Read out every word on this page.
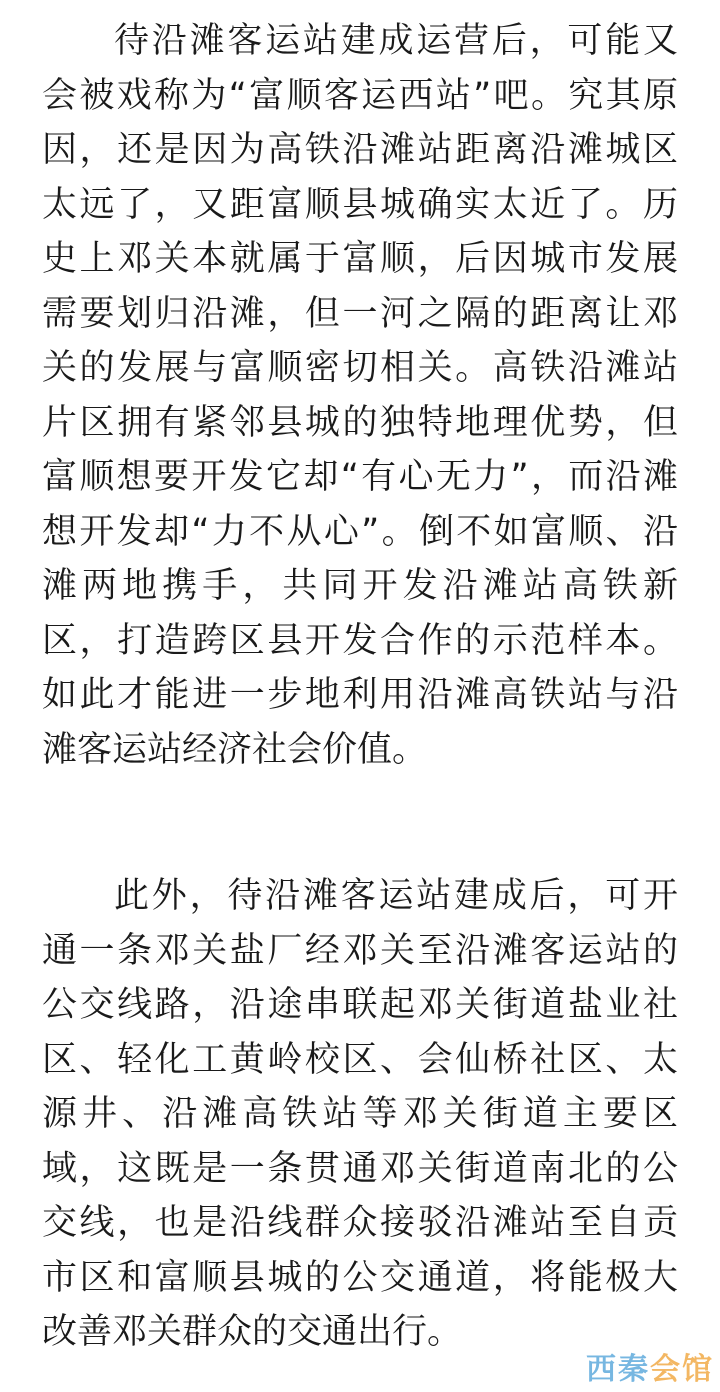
待沿滩客运站建成运营后，可能又
会被戏称为“富顺客运西站”吧。究其原
因，还是因为高铁沿滩站距离沿滩城区
太远了，又距富顺县城确实太近了。历
史上邓关本就属于富顺，后因城市发展
需要划归沿滩，但一河之隔的距离让邓
关的发展与富顺密切相关。高铁沿滩站
片区拥有紧邻县城的独特地理优势，但
富顺想要开发它却“有心无力”，而沿滩
想开发却“力不从心”。倒不如富顺、沿
滩两地携手，共同开发沿滩站高铁新
区，打造跨区县开发合作的示范样本。
如此才能进一步地利用沿滩高铁站与沿
滩客运站经济社会价值。
此外，待沿滩客运站建成后，可开
通一条邓关盐厂经邓关至沿滩客运站的
公交线路，沿途串联起邓关街道盐业社
区、轻化工黄岭校区、会仙桥社区、太
源井、沿滩高铁站等邓关街道主要区
域，这既是一条贯通邓关街道南北的公
交线，也是沿线群众接驳沿滩站至自贡
市区和富顺县城的公交通道，将能极大
改善邓关群众的交通出行。
西秦会馆
